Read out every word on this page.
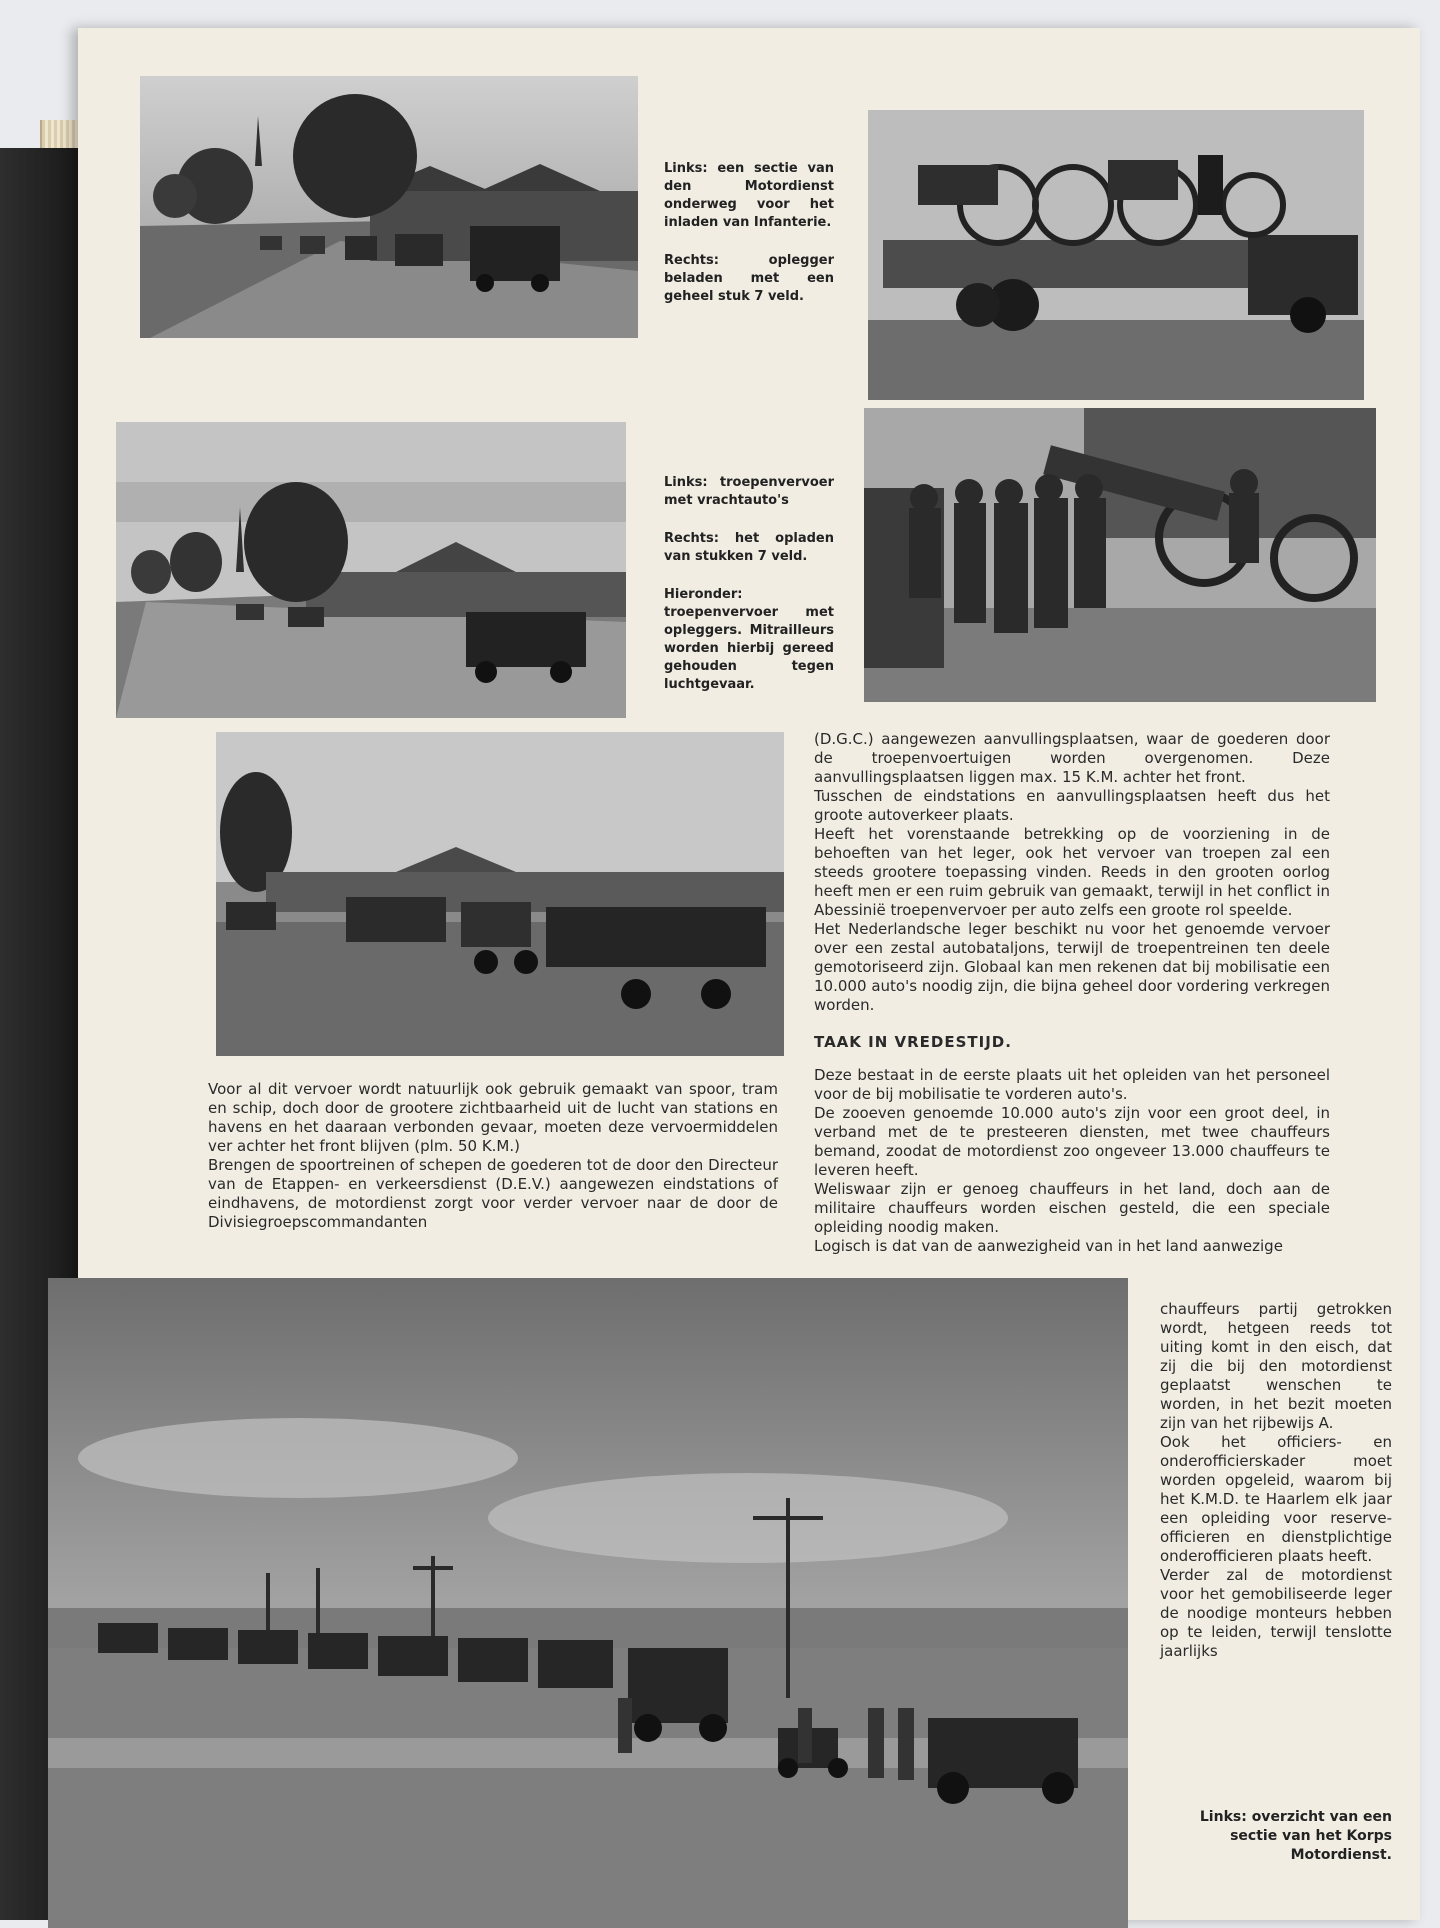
Links: een sectie van den Motordienst onderweg voor het inladen van Infanterie.

Rechts: oplegger beladen met een geheel stuk 7 veld.

Links: troepenvervoer met vrachtauto's

Rechts: het opladen van stukken 7 veld.

Hieronder: troepenvervoer met opleggers. Mitrailleurs worden hierbij gereed gehouden tegen luchtgevaar.

(D.G.C.) aangewezen aanvullingsplaatsen, waar de goederen door de troepenvoertuigen worden overgenomen. Deze aanvullingsplaatsen liggen max. 15 K.M. achter het front.

Tusschen de eindstations en aanvullingsplaatsen heeft dus het groote autoverkeer plaats.

Heeft het vorenstaande betrekking op de voorziening in de behoeften van het leger, ook het vervoer van troepen zal een steeds grootere toepassing vinden. Reeds in den grooten oorlog heeft men er een ruim gebruik van gemaakt, terwijl in het conflict in Abessinië troepenvervoer per auto zelfs een groote rol speelde.

Het Nederlandsche leger beschikt nu voor het genoemde vervoer over een zestal autobataljons, terwijl de troepentreinen ten deele gemotoriseerd zijn. Globaal kan men rekenen dat bij mobilisatie een 10.000 auto's noodig zijn, die bijna geheel door vordering verkregen worden.

TAAK IN VREDESTIJD.

Deze bestaat in de eerste plaats uit het opleiden van het personeel voor de bij mobilisatie te vorderen auto's.

De zooeven genoemde 10.000 auto's zijn voor een groot deel, in verband met de te presteeren diensten, met twee chauffeurs bemand, zoodat de motordienst zoo ongeveer 13.000 chauffeurs te leveren heeft.

Weliswaar zijn er genoeg chauffeurs in het land, doch aan de militaire chauffeurs worden eischen gesteld, die een speciale opleiding noodig maken.

Logisch is dat van de aanwezigheid van in het land aanwezige

Voor al dit vervoer wordt natuurlijk ook gebruik gemaakt van spoor, tram en schip, doch door de grootere zichtbaarheid uit de lucht van stations en havens en het daaraan verbonden gevaar, moeten deze vervoermiddelen ver achter het front blijven (plm. 50 K.M.)

Brengen de spoortreinen of schepen de goederen tot de door den Directeur van de Etappen- en verkeersdienst (D.E.V.) aangewezen eindstations of eindhavens, de motordienst zorgt voor verder vervoer naar de door de Divisiegroepscommandanten

chauffeurs partij getrokken wordt, hetgeen reeds tot uiting komt in den eisch, dat zij die bij den motordienst geplaatst wenschen te worden, in het bezit moeten zijn van het rijbewijs A.

Ook het officiers- en onderofficierskader moet worden opgeleid, waarom bij het K.M.D. te Haarlem elk jaar een opleiding voor reserve-officieren en dienstplichtige onderofficieren plaats heeft.

Verder zal de motordienst voor het gemobiliseerde leger de noodige monteurs hebben op te leiden, terwijl tenslotte jaarlijks

Links: overzicht van een
sectie van het Korps
Motordienst.
